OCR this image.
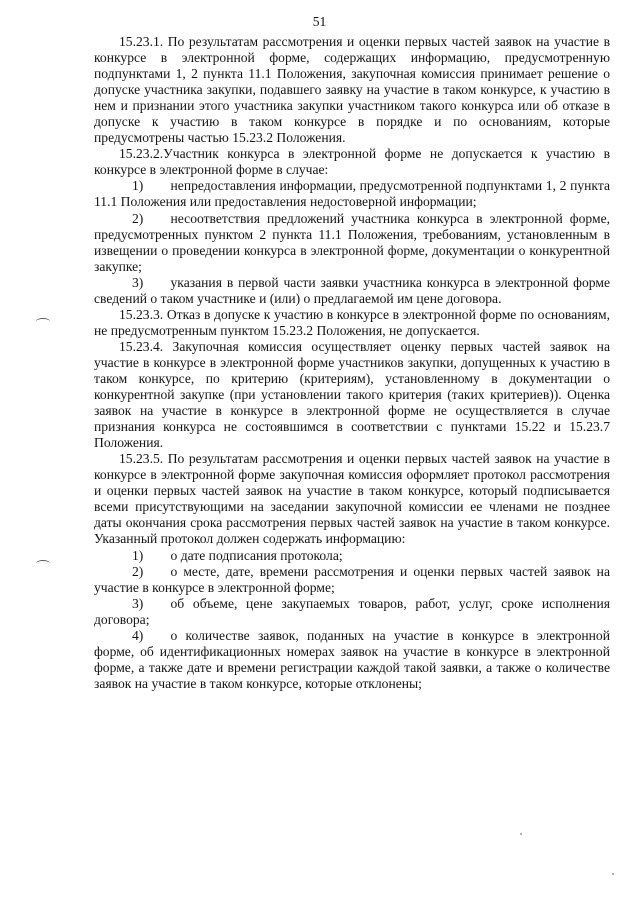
51

15.23.1. По результатам рассмотрения и оценки первых частей заявок на участие в конкурсе в электронной форме, содержащих информацию, предусмотренную подпунктами 1, 2 пункта 11.1 Положения, закупочная комиссия принимает решение о допуске участника закупки, подавшего заявку на участие в таком конкурсе, к участию в нем и признании этого участника закупки участником такого конкурса или об отказе в допуске к участию в таком конкурсе в порядке и по основаниям, которые предусмотрены частью 15.23.2 Положения.

15.23.2.Участник конкурса в электронной форме не допускается к участию в конкурсе в электронной форме в случае:

1)  непредоставления информации, предусмотренной подпунктами 1, 2 пункта 11.1 Положения или предоставления недостоверной информации;

2)  несоответствия предложений участника конкурса в электронной форме, предусмотренных пунктом 2 пункта 11.1 Положения, требованиям, установленным в извещении о проведении конкурса в электронной форме, документации о конкурентной закупке;

3)  указания в первой части заявки участника конкурса в электронной форме сведений о таком участнике и (или) о предлагаемой им цене договора.

15.23.3. Отказ в допуске к участию в конкурсе в электронной форме по основаниям, не предусмотренным пунктом 15.23.2 Положения, не допускается.

15.23.4. Закупочная комиссия осуществляет оценку первых частей заявок на участие в конкурсе в электронной форме участников закупки, допущенных к участию в таком конкурсе, по критерию (критериям), установленному в документации о конкурентной закупке (при установлении такого критерия (таких критериев)). Оценка заявок на участие в конкурсе в электронной форме не осуществляется в случае признания конкурса не состоявшимся в соответствии с пунктами 15.22 и 15.23.7 Положения.

15.23.5. По результатам рассмотрения и оценки первых частей заявок на участие в конкурсе в электронной форме закупочная комиссия оформляет протокол рассмотрения и оценки первых частей заявок на участие в таком конкурсе, который подписывается всеми присутствующими на заседании закупочной комиссии ее членами не позднее даты окончания срока рассмотрения первых частей заявок на участие в таком конкурсе. Указанный протокол должен содержать информацию:

1)  о дате подписания протокола;

2)  о месте, дате, времени рассмотрения и оценки первых частей заявок на участие в конкурсе в электронной форме;

3)  об объеме, цене закупаемых товаров, работ, услуг, сроке исполнения договора;

4)  о количестве заявок, поданных на участие в конкурсе в электронной форме, об идентификационных номерах заявок на участие в конкурсе в электронной форме, а также дате и времени регистрации каждой такой заявки, а также о количестве заявок на участие в таком конкурсе, которые отклонены;
